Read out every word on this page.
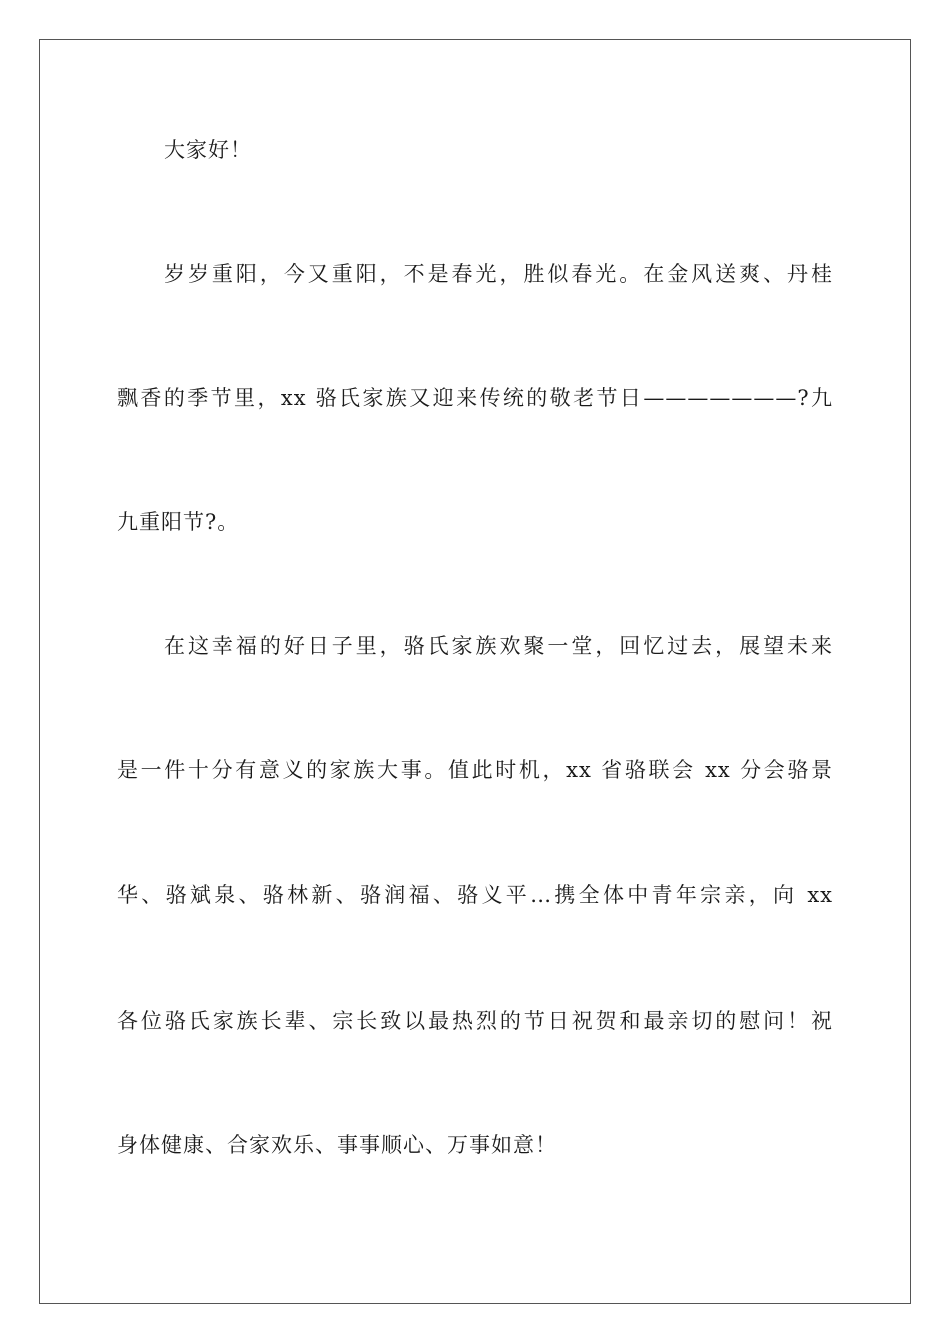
大家好！

岁岁重阳，今又重阳，不是春光，胜似春光。在金风送爽、丹桂

飘香的季节里，xx 骆氏家族又迎来传统的敬老节日———————?九

九重阳节?。

在这幸福的好日子里，骆氏家族欢聚一堂，回忆过去，展望未来

是一件十分有意义的家族大事。值此时机，xx 省骆联会 xx 分会骆景

华、骆斌泉、骆林新、骆润福、骆义平…携全体中青年宗亲，向 xx

各位骆氏家族长辈、宗长致以最热烈的节日祝贺和最亲切的慰问！祝

身体健康、合家欢乐、事事顺心、万事如意！
